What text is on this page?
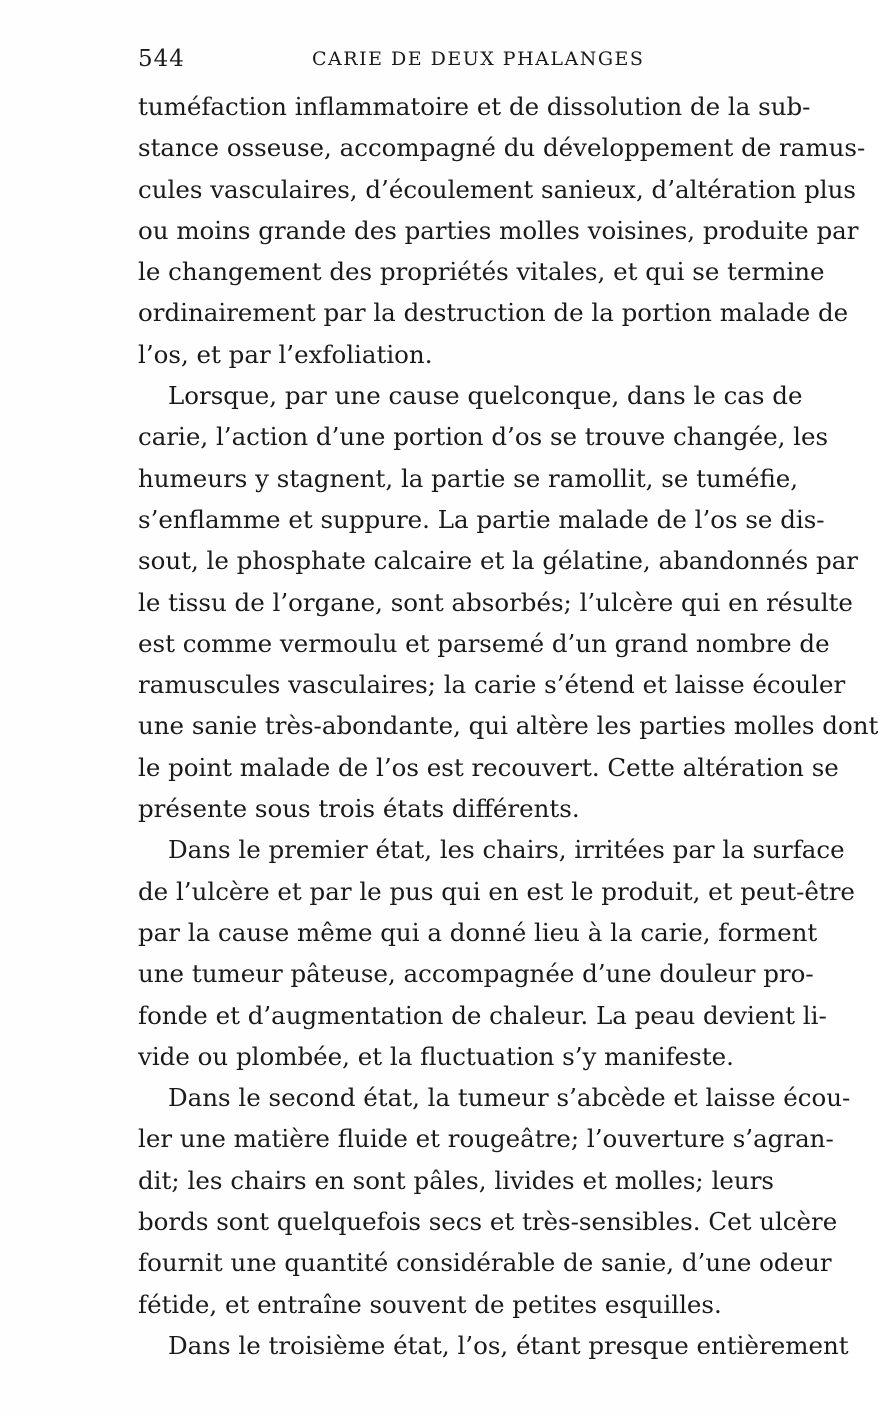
544	CARIE DE DEUX PHALANGES
tuméfaction inflammatoire et de dissolution de la sub-
stance osseuse, accompagné du développement de ramus-
cules vasculaires, d’écoulement sanieux, d’altération plus
ou moins grande des parties molles voisines, produite par
le changement des propriétés vitales, et qui se termine
ordinairement par la destruction de la portion malade de
l’os, et par l’exfoliation.
Lorsque, par une cause quelconque, dans le cas de
carie, l’action d’une portion d’os se trouve changée, les
humeurs y stagnent, la partie se ramollit, se tuméfie,
s’enflamme et suppure. La partie malade de l’os se dis-
sout, le phosphate calcaire et la gélatine, abandonnés par
le tissu de l’organe, sont absorbés; l’ulcère qui en résulte
est comme vermoulu et parsemé d’un grand nombre de
ramuscules vasculaires; la carie s’étend et laisse écouler
une sanie très-abondante, qui altère les parties molles dont
le point malade de l’os est recouvert. Cette altération se
présente sous trois états différents.
Dans le premier état, les chairs, irritées par la surface
de l’ulcère et par le pus qui en est le produit, et peut-être
par la cause même qui a donné lieu à la carie, forment
une tumeur pâteuse, accompagnée d’une douleur pro-
fonde et d’augmentation de chaleur. La peau devient li-
vide ou plombée, et la fluctuation s’y manifeste.
Dans le second état, la tumeur s’abcède et laisse écou-
ler une matière fluide et rougeâtre; l’ouverture s’agran-
dit; les chairs en sont pâles, livides et molles; leurs
bords sont quelquefois secs et très-sensibles. Cet ulcère
fournit une quantité considérable de sanie, d’une odeur
fétide, et entraîne souvent de petites esquilles.
Dans le troisième état, l’os, étant presque entièrement
